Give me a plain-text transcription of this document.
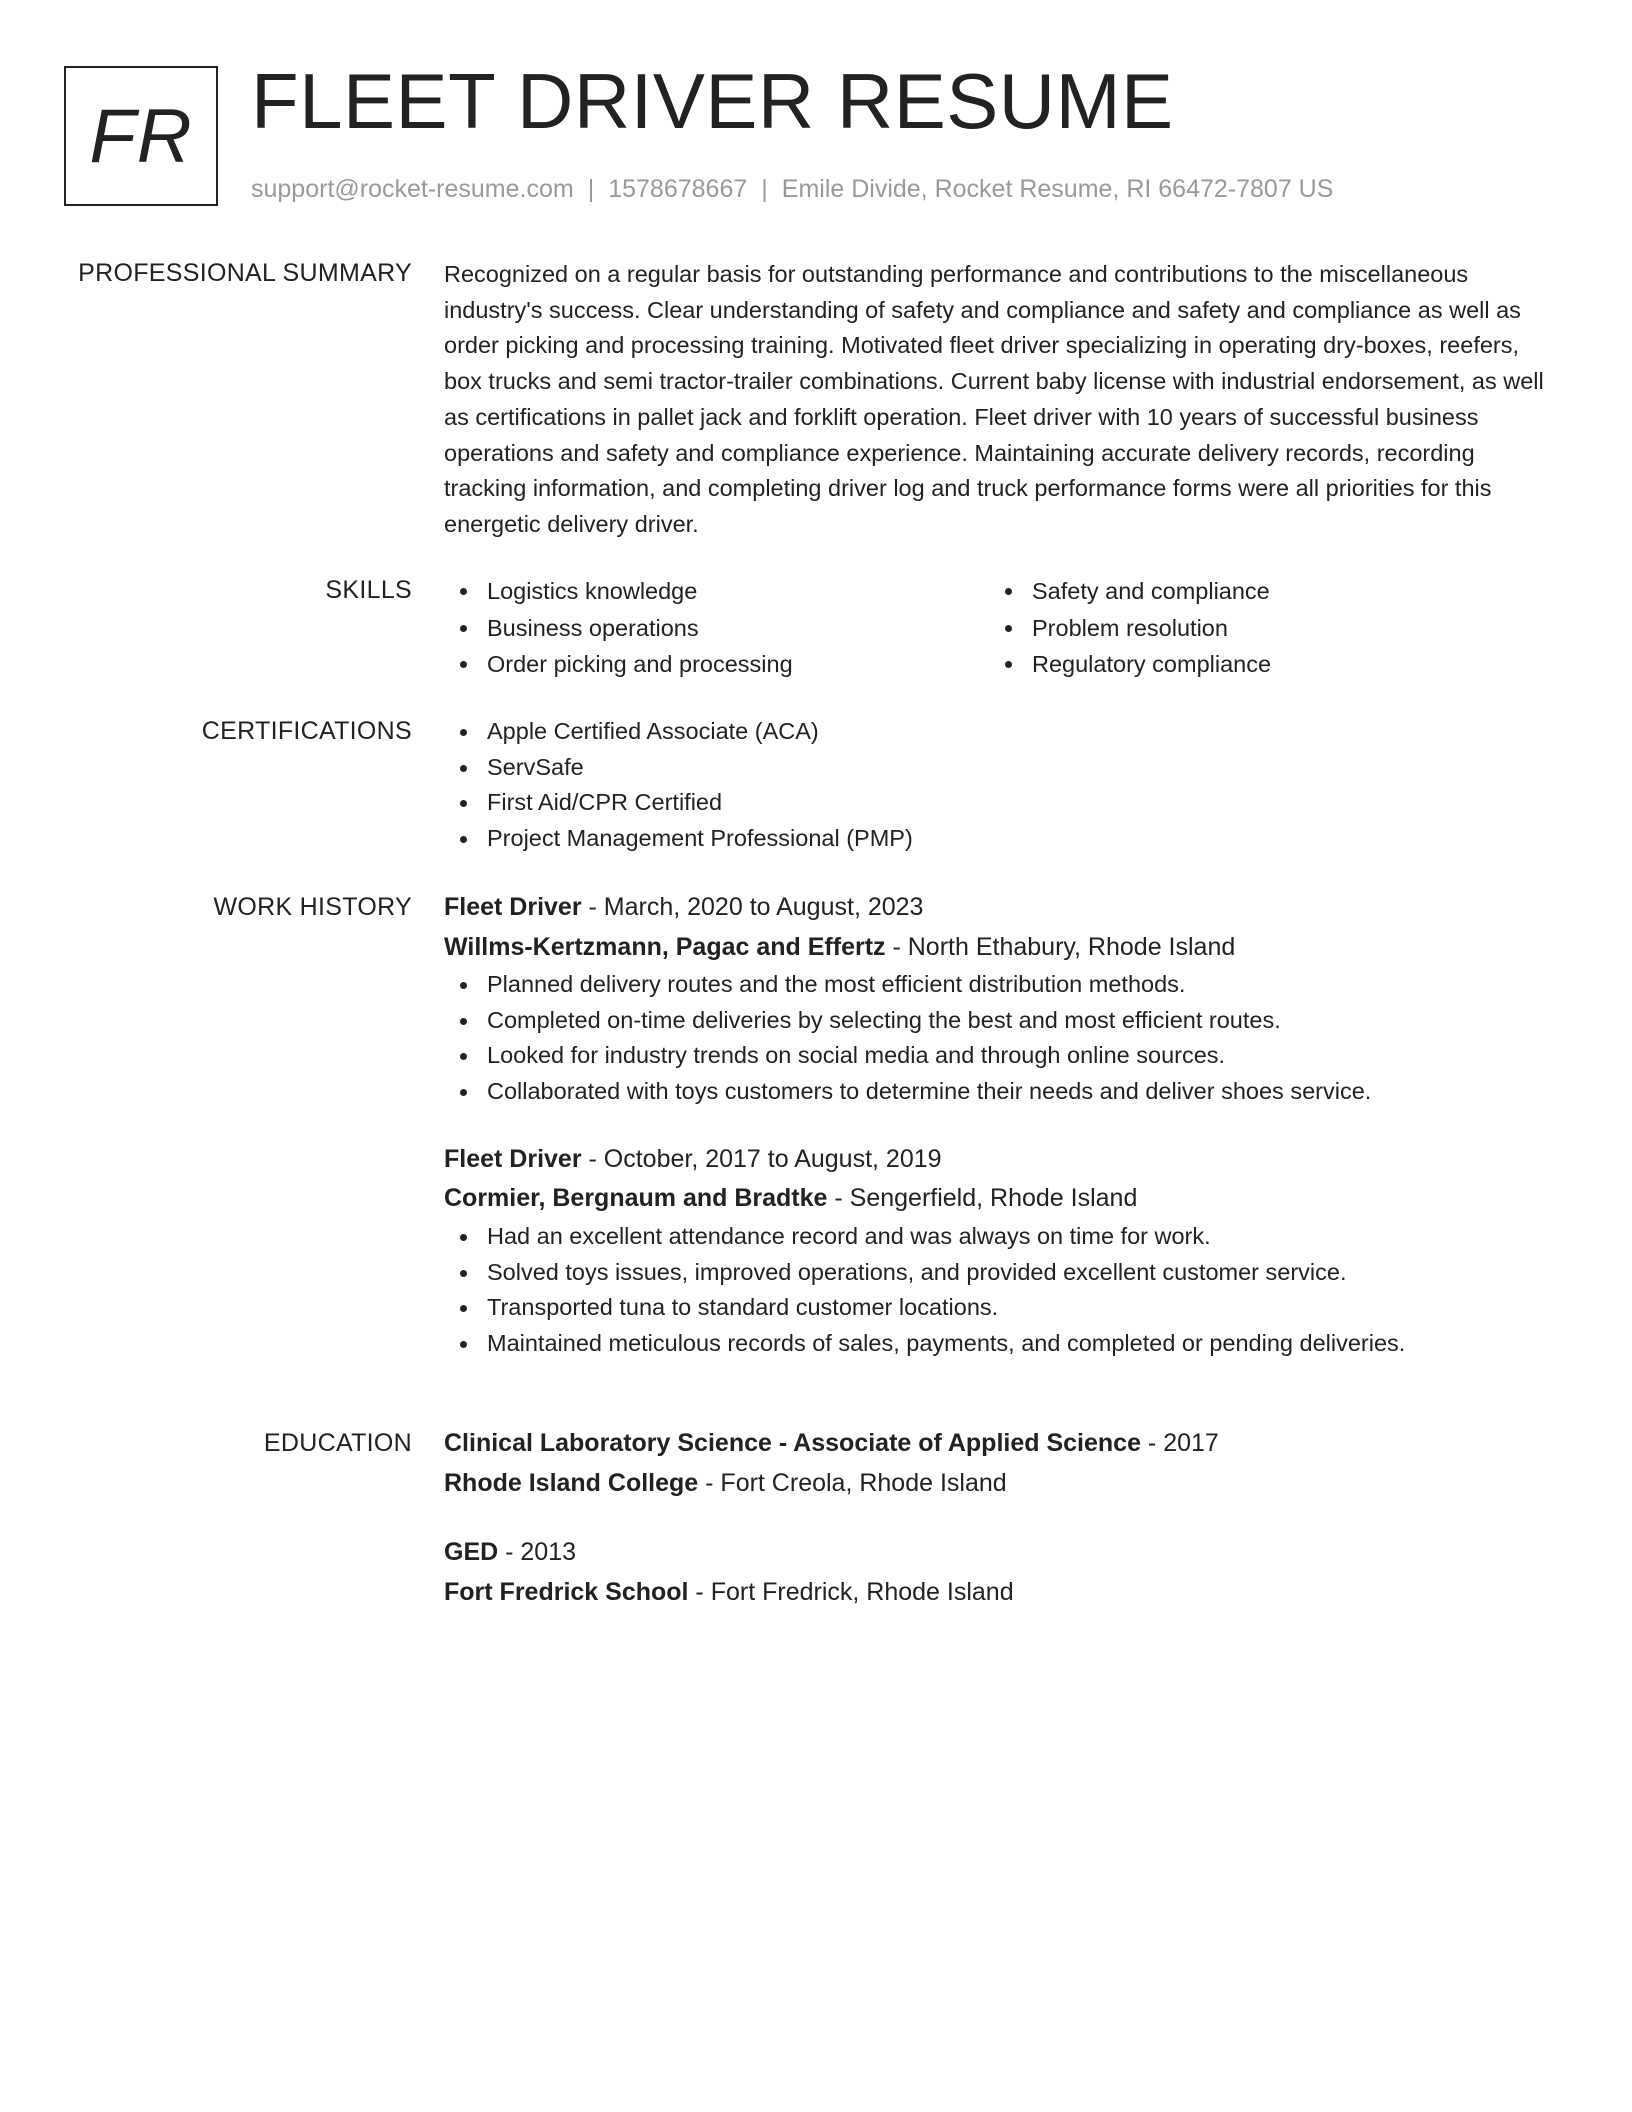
FR FLEET DRIVER RESUME
support@rocket-resume.com | 1578678667 | Emile Divide, Rocket Resume, RI 66472-7807 US
PROFESSIONAL SUMMARY Recognized on a regular basis for outstanding performance and contributions to the miscellaneous industry's success. Clear understanding of safety and compliance and safety and compliance as well as order picking and processing training. Motivated fleet driver specializing in operating dry-boxes, reefers, box trucks and semi tractor-trailer combinations. Current baby license with industrial endorsement, as well as certifications in pallet jack and forklift operation. Fleet driver with 10 years of successful business operations and safety and compliance experience. Maintaining accurate delivery records, recording tracking information, and completing driver log and truck performance forms were all priorities for this energetic delivery driver.

SKILLS	Logistics knowledge
Business operations
Order picking and processing
Safety and compliance
Problem resolution
Regulatory compliance
CERTIFICATIONS	Apple Certified Associate (ACA)
ServSafe
First Aid/CPR Certified
Project Management Professional (PMP)
WORK HISTORY Fleet Driver - March, 2020 to August, 2023
Willms-Kertzmann, Pagac and Effertz - North Ethabury, Rhode Island
Planned delivery routes and the most efficient distribution methods.
Completed on-time deliveries by selecting the best and most efficient routes.
Looked for industry trends on social media and through online sources.
Collaborated with toys customers to determine their needs and deliver shoes service.
Fleet Driver - October, 2017 to August, 2019
Cormier, Bergnaum and Bradtke - Sengerfield, Rhode Island
Had an excellent attendance record and was always on time for work.
Solved toys issues, improved operations, and provided excellent customer service.
Transported tuna to standard customer locations.
Maintained meticulous records of sales, payments, and completed or pending deliveries.
EDUCATION Clinical Laboratory Science - Associate of Applied Science - 2017
Rhode Island College - Fort Creola, Rhode Island
GED - 2013
Fort Fredrick School - Fort Fredrick, Rhode Island
